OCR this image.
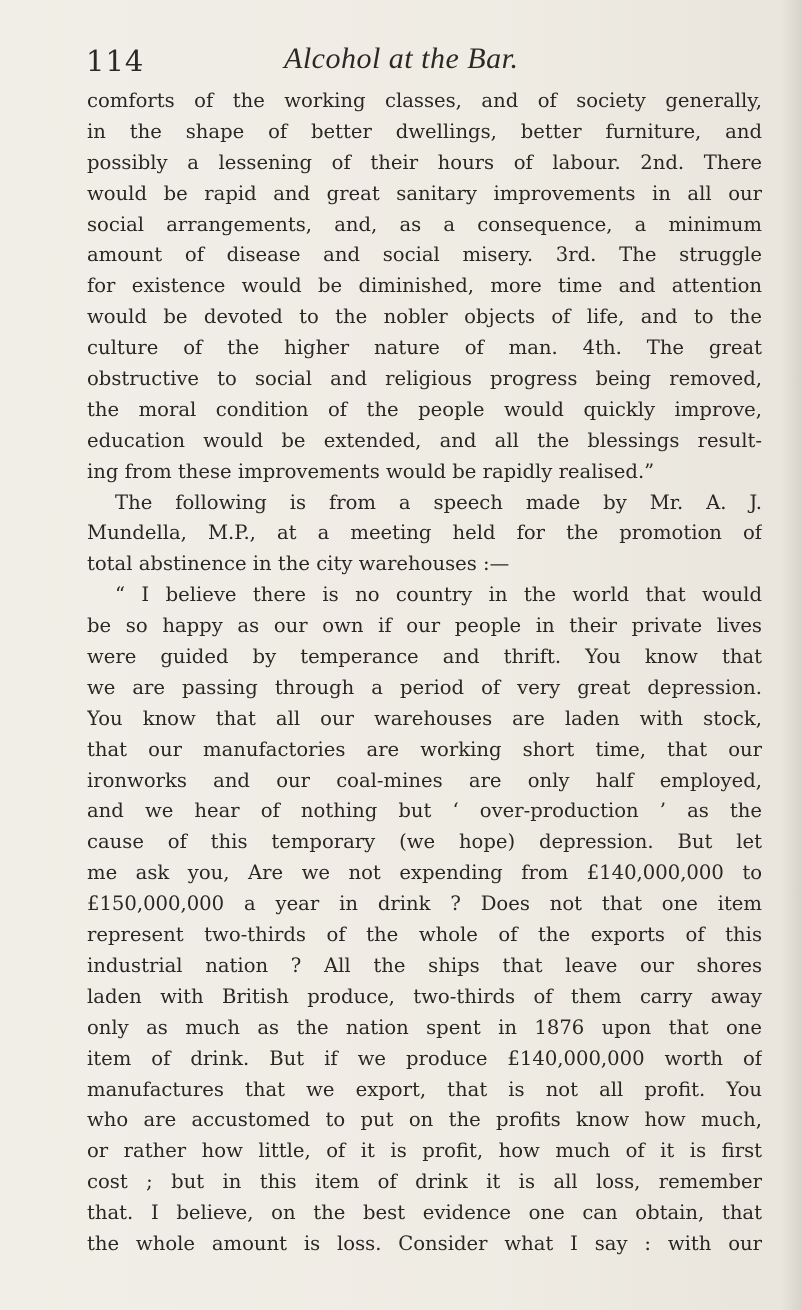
114	Alcohol at the Bar.
comforts of the working classes, and of society generally,
in the shape of better dwellings, better furniture, and
possibly a lessening of their hours of labour. 2nd. There
would be rapid and great sanitary improvements in all our
social arrangements, and, as a consequence, a minimum
amount of disease and social misery. 3rd. The struggle
for existence would be diminished, more time and attention
would be devoted to the nobler objects of life, and to the
culture of the higher nature of man. 4th. The great
obstructive to social and religious progress being removed,
the moral condition of the people would quickly improve,
education would be extended, and all the blessings result-
ing from these improvements would be rapidly realised.”
The following is from a speech made by Mr. A. J.
Mundella, M.P., at a meeting held for the promotion of
total abstinence in the city warehouses :—
“ I believe there is no country in the world that would
be so happy as our own if our people in their private lives
were guided by temperance and thrift. You know that
we are passing through a period of very great depression.
You know that all our warehouses are laden with stock,
that our manufactories are working short time, that our
ironworks and our coal-mines are only half employed,
and we hear of nothing but ‘ over-production ’ as the
cause of this temporary (we hope) depression. But let
me ask you, Are we not expending from £140,000,000 to
£150,000,000 a year in drink ? Does not that one item
represent two-thirds of the whole of the exports of this
industrial nation ? All the ships that leave our shores
laden with British produce, two-thirds of them carry away
only as much as the nation spent in 1876 upon that one
item of drink. But if we produce £140,000,000 worth of
manufactures that we export, that is not all profit. You
who are accustomed to put on the profits know how much,
or rather how little, of it is profit, how much of it is first
cost ; but in this item of drink it is all loss, remember
that. I believe, on the best evidence one can obtain, that
the whole amount is loss. Consider what I say : with our
